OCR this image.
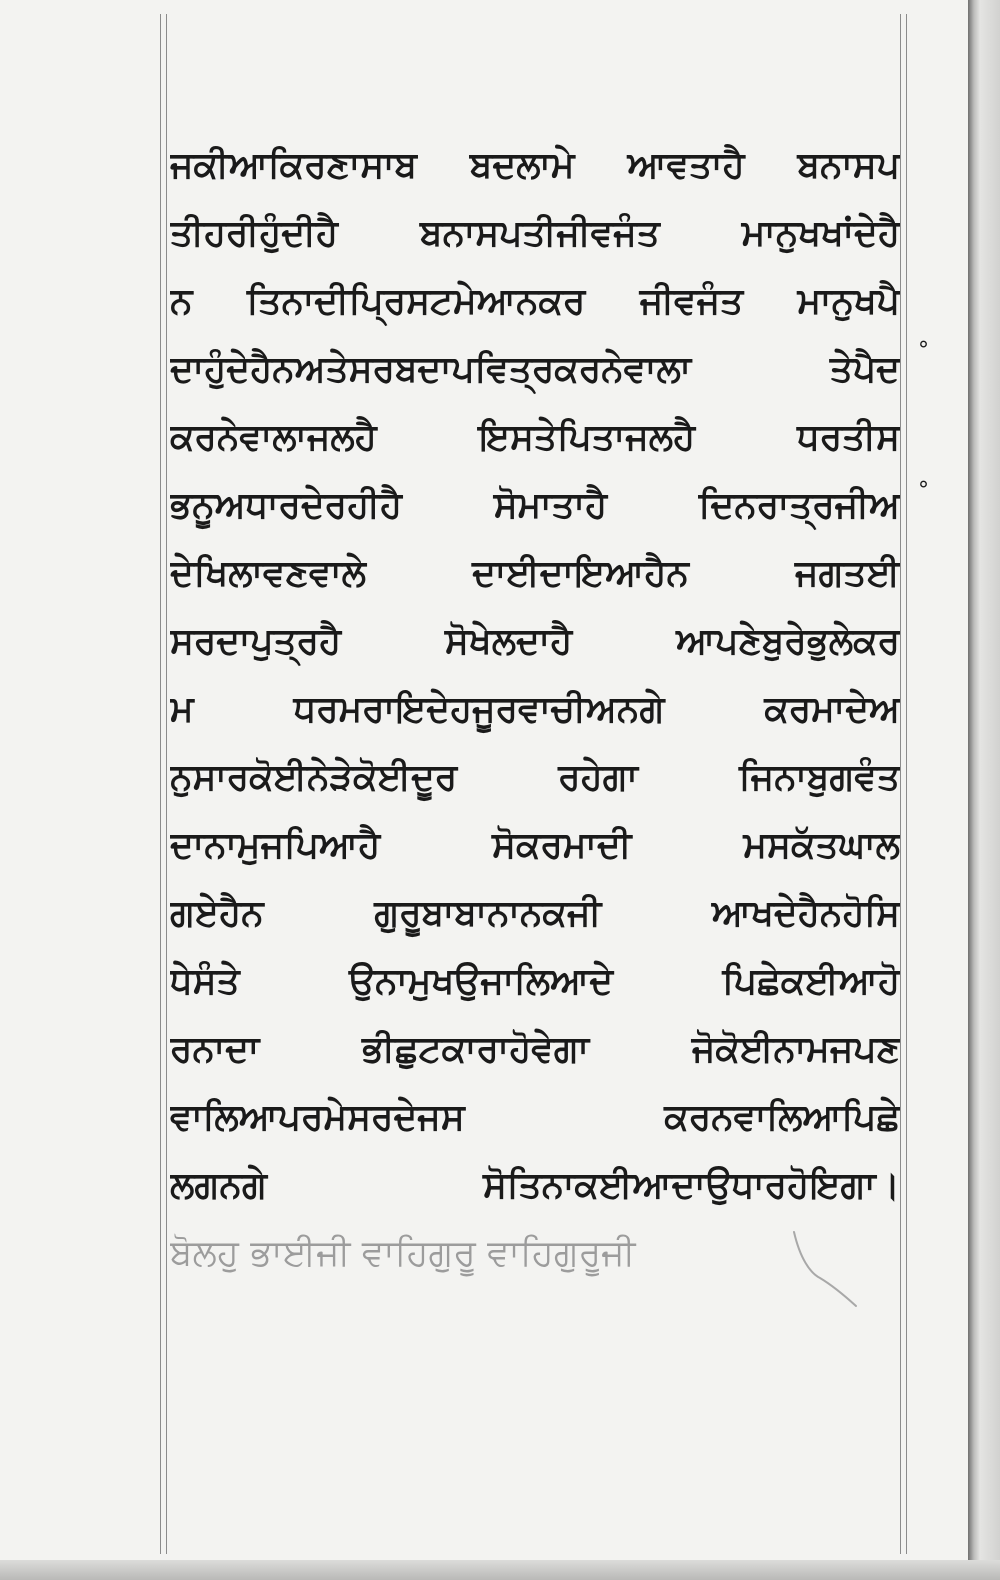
ਜਕੀਆਕਿਰਣਾਸਾਬ ਬਦਲਾਮੇ ਆਵਤਾਹੈ ਬਨਾਸਪ
ਤੀਹਰੀਹੁੰਦੀਹੈ ਬਨਾਸਪਤੀਜੀਵਜੰਤ ਮਾਨੁਖਖਾਂਦੇਹੈ
ਨ ਤਿਨਾਦੀਪ੍ਰਿਸਟਮੇਆਨਕਰ ਜੀਵਜੰਤ ਮਾਨੁਖਪੈ
ਦਾਹੁੰਦੇਹੈਨਅਤੇਸਰਬਦਾਪਵਿਤ੍ਰਕਰਨੇਵਾਲਾ ਤੇਪੈਦ
ਕਰਨੇਵਾਲਾਜਲਹੈ ਇਸਤੇਪਿਤਾਜਲਹੈ ਧਰਤੀਸ
ਭਨੂਅਧਾਰਦੇਰਹੀਹੈ ਸੋਮਾਤਾਹੈ ਦਿਨਰਾਤ੍ਰਜੀਅ
ਦੇਖਿਲਾਵਣਵਾਲੇ ਦਾਈਦਾਇਆਹੈਨ ਜਗਤਈ
ਸਰਦਾਪੁਤ੍ਰਹੈ ਸੋਖੇਲਦਾਹੈ ਆਪਣੇਬੁਰੇਭੁਲੇਕਰ
ਮ ਧਰਮਰਾਇਦੇਹਜੂਰਵਾਚੀਅਨਗੇ ਕਰਮਾਦੇਅ
ਨੁਸਾਰਕੋਈਨੇੜੇਕੋਈਦੂਰ ਰਹੇਗਾ ਜਿਨਾਬੁਗਵੰਤ
ਦਾਨਾਮੁਜਪਿਆਹੈ ਸੋਕਰਮਾਦੀ ਮਸਕੱਤਘਾਲ
ਗਏਹੈਨ ਗੁਰੂਬਾਬਾਨਾਨਕਜੀ ਆਖਦੇਹੈਨਹੋਸਿ
ਧੇਸੰਤੇ ਉਨਾਮੁਖਉਜਾਲਿਆਦੇ ਪਿਛੇਕਈਆਹੋ
ਰਨਾਦਾ ਭੀਛੁਟਕਾਰਾਹੋਵੇਗਾ ਜੋਕੋਈਨਾਮਜਪਣ
ਵਾਲਿਆਪਰਮੇਸਰਦੇਜਸ ਕਰਨਵਾਲਿਆਪਿਛੇ
ਲਗਨਗੇ ਸੋਤਿਨਾਕਈਆਦਾਉਧਾਰਹੋਇਗਾ।
ਬੋਲਹੁ ਭਾਈਜੀ ਵਾਹਿਗੁਰੂ ਵਾਹਿਗੁਰੂਜੀ
°
°
